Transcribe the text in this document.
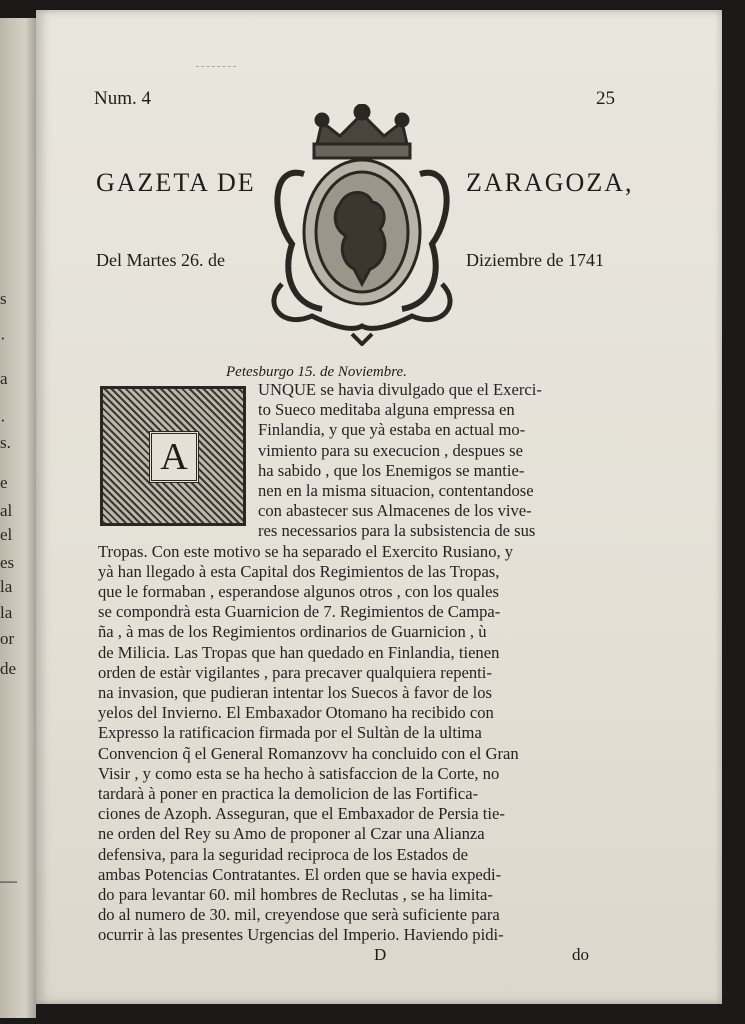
s
·
a
·
s.
e
al
el
es
la
la
or
de
—
Num. 4	25
GAZETA DE	ZARAGOZA,
Del Martes 26. de	Diziembre de 1741
Petesburgo 15. de Noviembre.
A
UNQUE se havia divulgado que el Exerci-
to Sueco meditaba alguna empressa en
Finlandia, y que yà estaba en actual mo-
vimiento para su execucion , despues se
ha sabido , que los Enemigos se mantie-
nen en la misma situacion, contentandose
con abastecer sus Almacenes de los vive-
res necessarios para la subsistencia de sus
Tropas. Con este motivo se ha separado el Exercito Rusiano, y
yà han llegado à esta Capital dos Regimientos de las Tropas,
que le formaban , esperandose algunos otros , con los quales
se compondrà esta Guarnicion de 7. Regimientos de Campa-
ña , à mas de los Regimientos ordinarios de Guarnicion , ù
de Milicia. Las Tropas que han quedado en Finlandia, tienen
orden de estàr vigilantes , para precaver qualquiera repenti-
na invasion, que pudieran intentar los Suecos à favor de los
yelos del Invierno. El Embaxador Otomano ha recibido con
Expresso la ratificacion firmada por el Sultàn de la ultima
Convencion q̃ el General Romanzovv ha concluido con el Gran
Visir , y como esta se ha hecho à satisfaccion de la Corte, no
tardarà à poner en practica la demolicion de las Fortifica-
ciones de Azoph. Asseguran, que el Embaxador de Persia tie-
ne orden del Rey su Amo de proponer al Czar una Alianza
defensiva, para la seguridad reciproca de los Estados de
ambas Potencias Contratantes. El orden que se havia expedi-
do para levantar 60. mil hombres de Reclutas , se ha limita-
do al numero de 30. mil, creyendose que serà suficiente para
ocurrir à las presentes Urgencias del Imperio. Haviendo pidi-
D	do
